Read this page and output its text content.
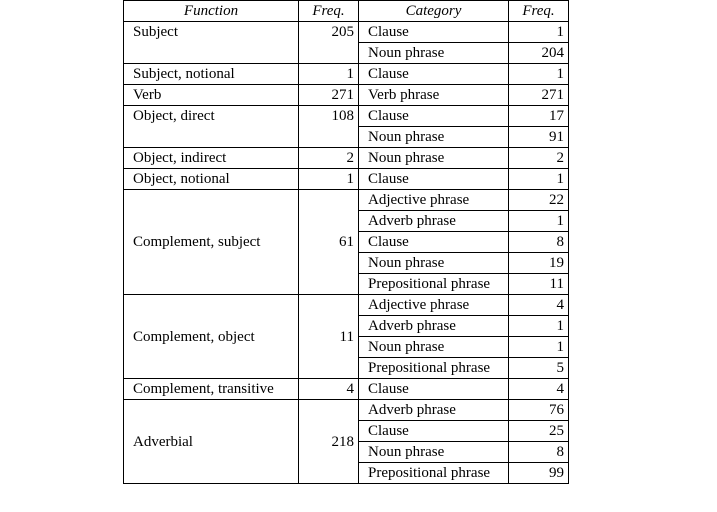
Function	Freq.	Category	Freq.
Subject	205	Clause	1
		Noun phrase	204
Subject, notional	1	Clause	1
Verb	271	Verb phrase	271
Object, direct	108	Clause	17
		Noun phrase	91
Object, indirect	2	Noun phrase	2
Object, notional	1	Clause	1
Complement, subject	61	Adjective phrase	22
		Adverb phrase	1
		Clause	8
		Noun phrase	19
		Prepositional phrase	11
Complement, object	11	Adjective phrase	4
		Adverb phrase	1
		Noun phrase	1
		Prepositional phrase	5
Complement, transitive	4	Clause	4
Adverbial	218	Adverb phrase	76
		Clause	25
		Noun phrase	8
		Prepositional phrase	99
